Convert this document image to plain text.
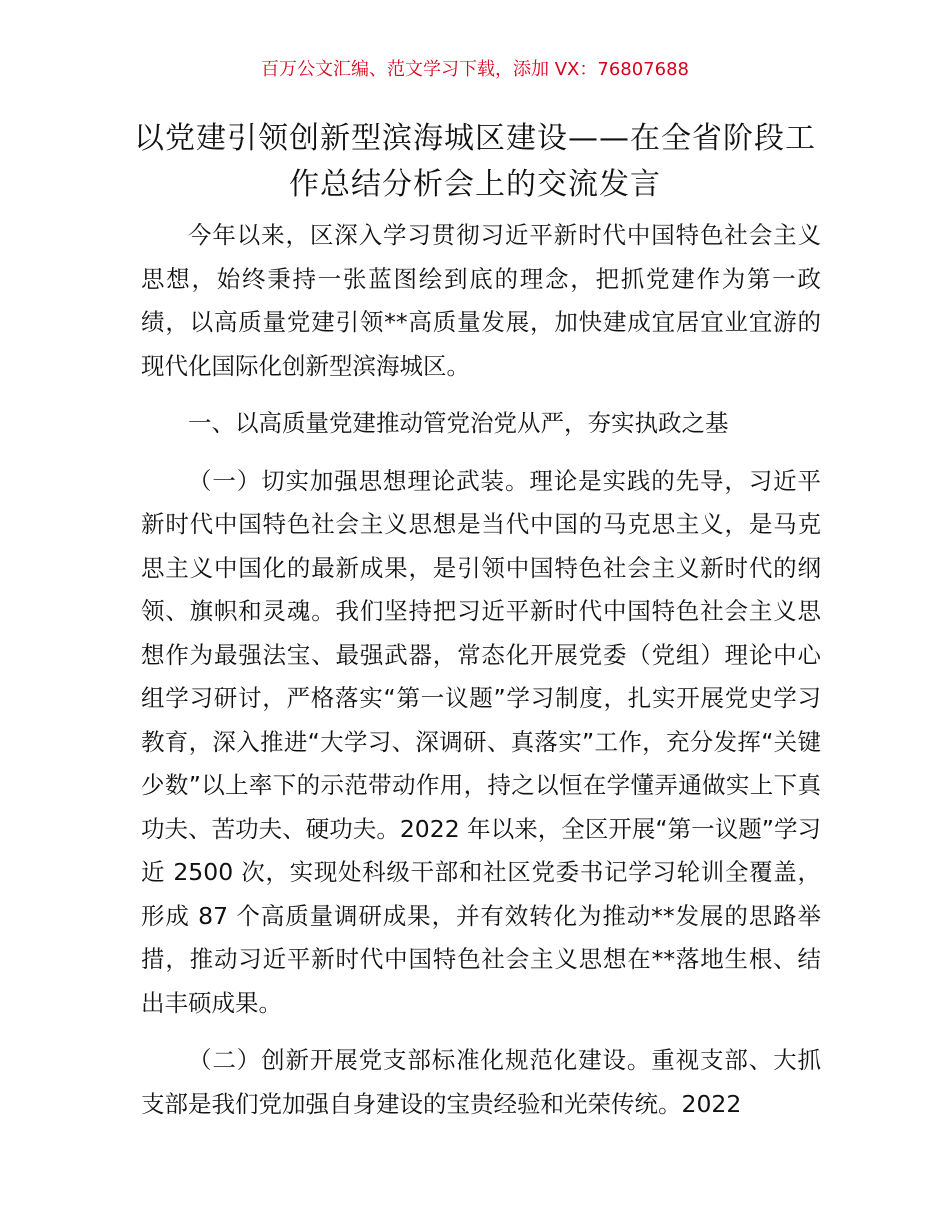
百万公文汇编、范文学习下载，添加 VX：76807688
以党建引领创新型滨海城区建设——在全省阶段工作总结分析会上的交流发言

今年以来，区深入学习贯彻习近平新时代中国特色社会主义思想，始终秉持一张蓝图绘到底的理念，把抓党建作为第一政绩，以高质量党建引领**高质量发展，加快建成宜居宜业宜游的现代化国际化创新型滨海城区。

一、以高质量党建推动管党治党从严，夯实执政之基

（一）切实加强思想理论武装。理论是实践的先导，习近平新时代中国特色社会主义思想是当代中国的马克思主义，是马克思主义中国化的最新成果，是引领中国特色社会主义新时代的纲领、旗帜和灵魂。我们坚持把习近平新时代中国特色社会主义思想作为最强法宝、最强武器，常态化开展党委（党组）理论中心组学习研讨，严格落实“第一议题”学习制度，扎实开展党史学习教育，深入推进“大学习、深调研、真落实”工作，充分发挥“关键少数”以上率下的示范带动作用，持之以恒在学懂弄通做实上下真功夫、苦功夫、硬功夫。2022 年以来，全区开展“第一议题”学习近 2500 次，实现处科级干部和社区党委书记学习轮训全覆盖，形成 87 个高质量调研成果，并有效转化为推动**发展的思路举措，推动习近平新时代中国特色社会主义思想在**落地生根、结出丰硕成果。

（二）创新开展党支部标准化规范化建设。重视支部、大抓支部是我们党加强自身建设的宝贵经验和光荣传统。2022
